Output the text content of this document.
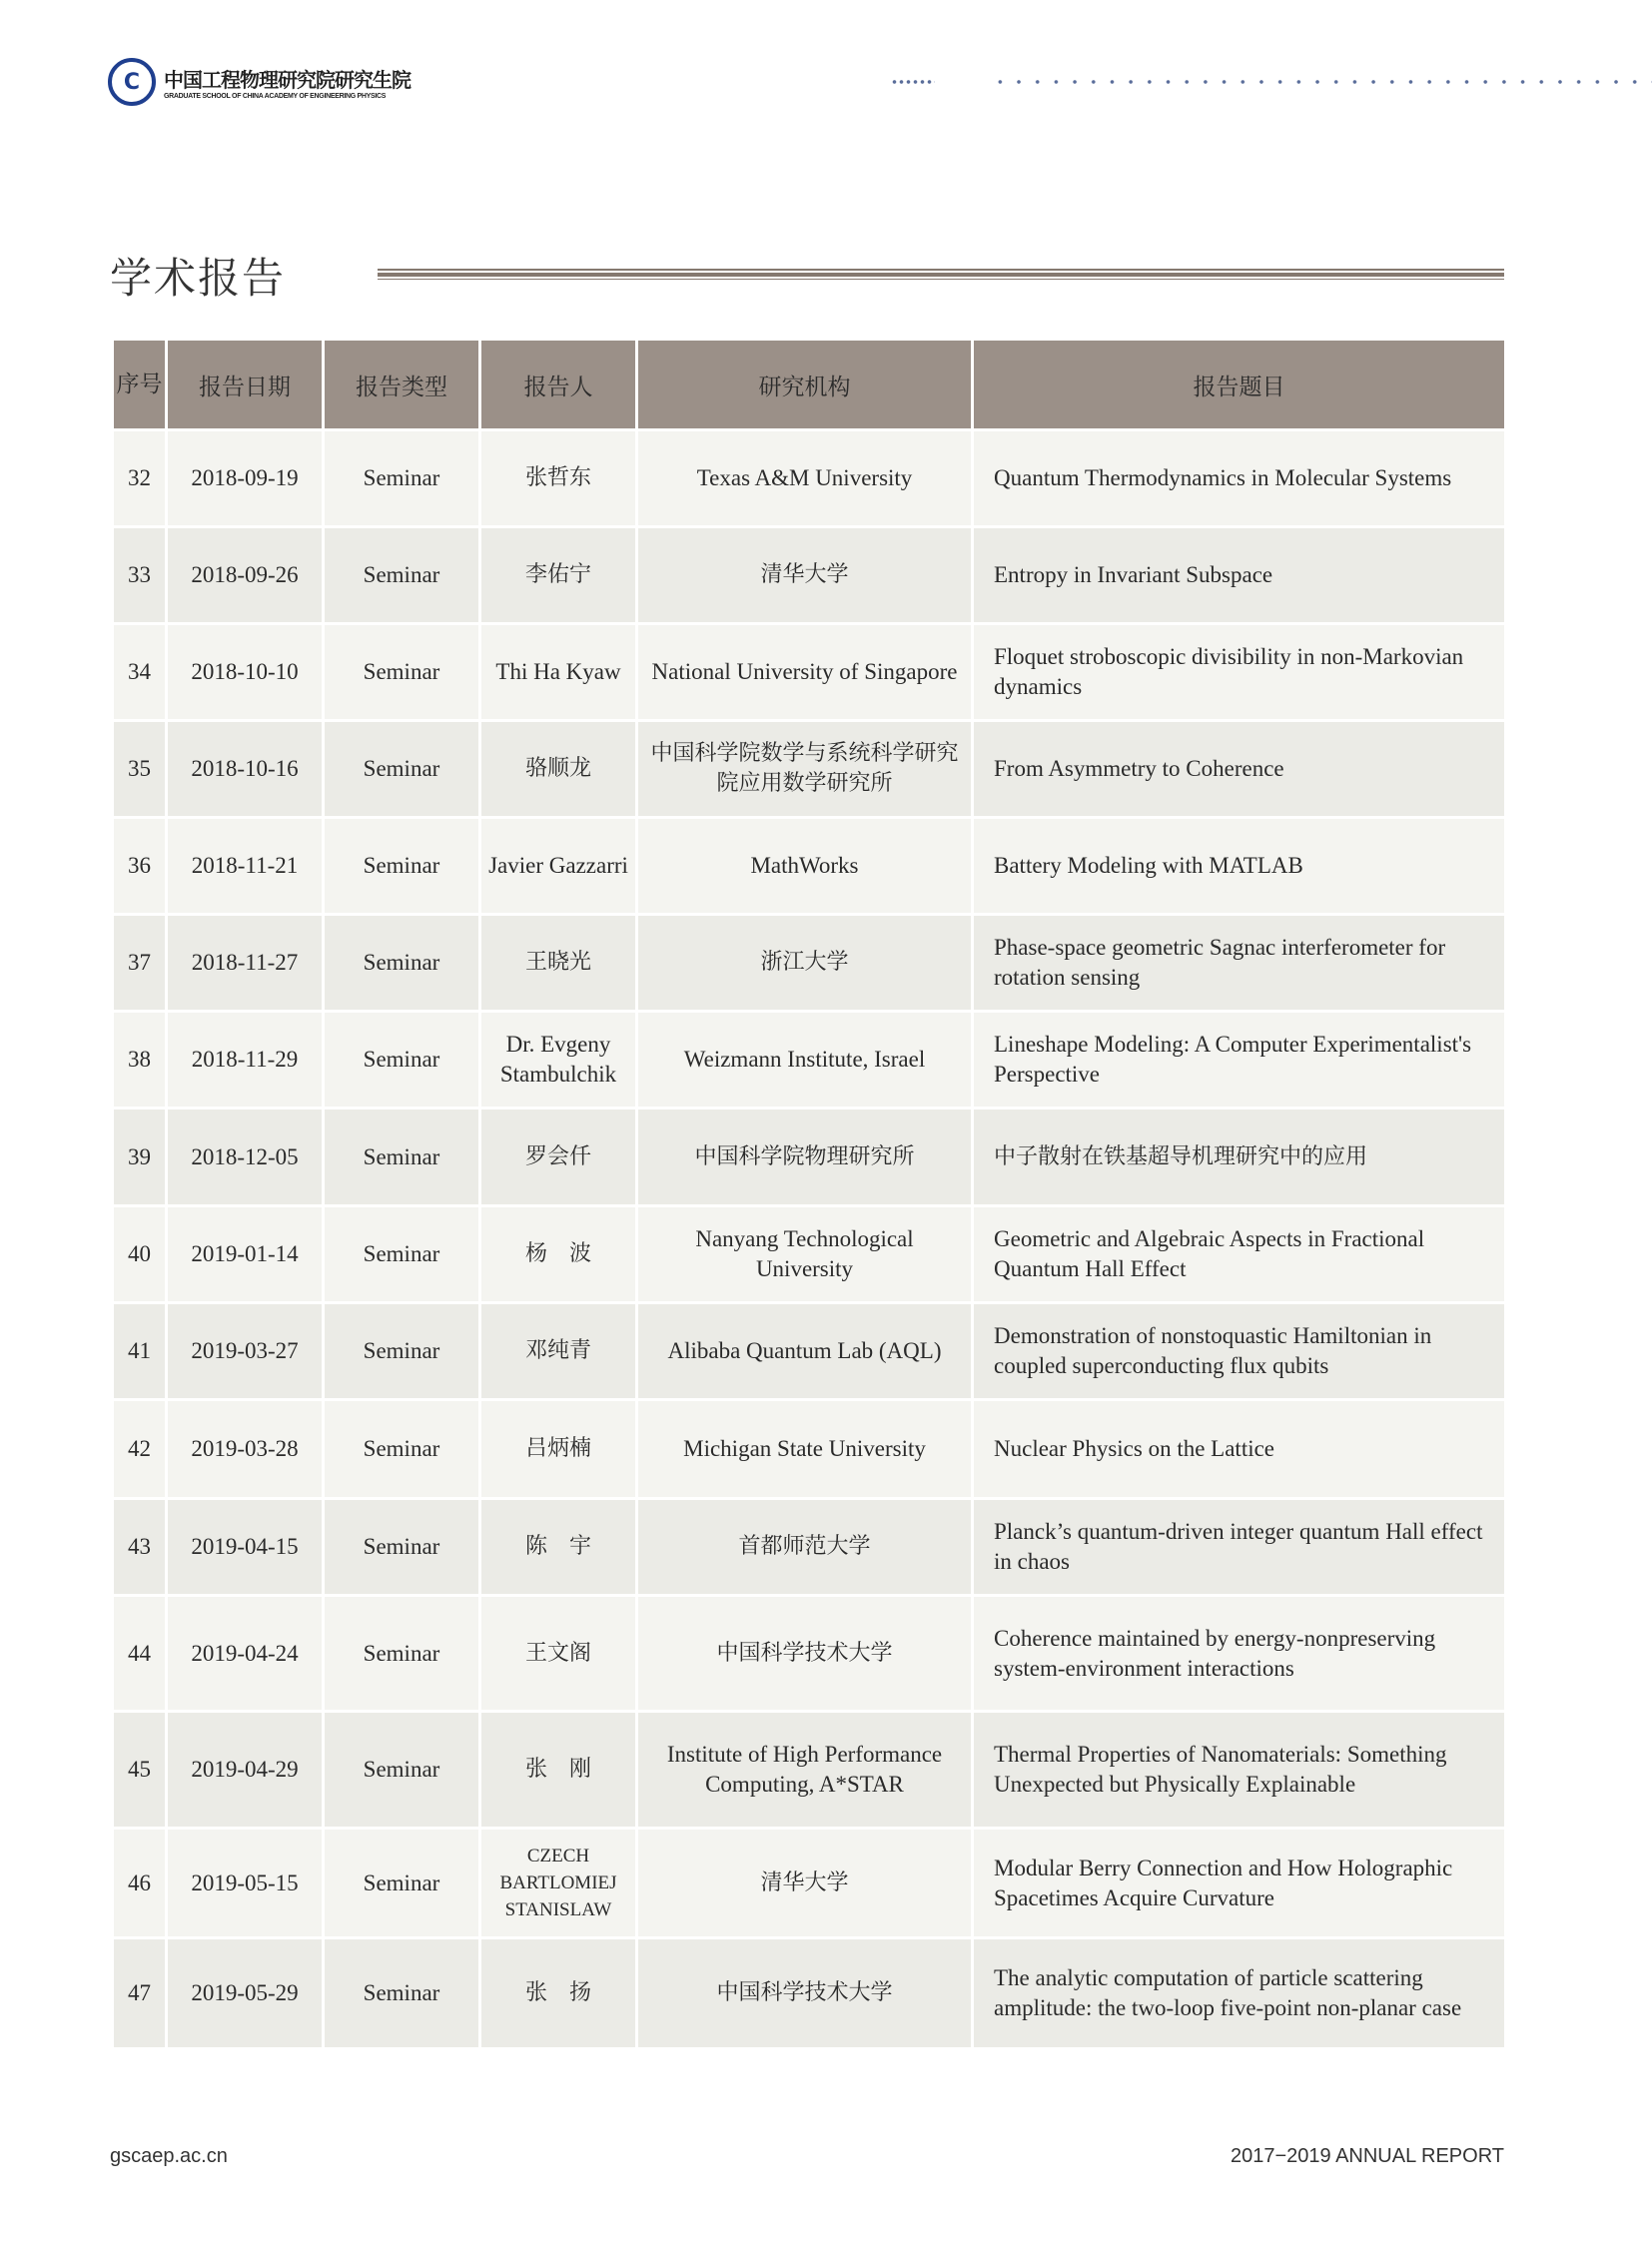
C	中国工程物理研究院研究生院
GRADUATE SCHOOL OF CHINA ACADEMY OF ENGINEERING PHYSICS
学术报告
序号	报告日期	报告类型	报告人	研究机构	报告题目
32	2018-09-19	Seminar	张哲东	Texas A&M University	Quantum Thermodynamics in Molecular Systems
33	2018-09-26	Seminar	李佑宁	清华大学	Entropy in Invariant Subspace
34	2018-10-10	Seminar	Thi Ha Kyaw	National University of Singapore	Floquet stroboscopic divisibility in non-Markovian dynamics
35	2018-10-16	Seminar	骆顺龙	中国科学院数学与系统科学研究院应用数学研究所	From Asymmetry to Coherence
36	2018-11-21	Seminar	Javier Gazzarri	MathWorks	Battery Modeling with MATLAB
37	2018-11-27	Seminar	王晓光	浙江大学	Phase-space geometric Sagnac interferometer for rotation sensing
38	2018-11-29	Seminar	Dr. Evgeny Stambulchik	Weizmann Institute, Israel	Lineshape Modeling: A Computer Experimentalist's Perspective
39	2018-12-05	Seminar	罗会仟	中国科学院物理研究所	中子散射在铁基超导机理研究中的应用
40	2019-01-14	Seminar	杨　波	Nanyang Technological University	Geometric and Algebraic Aspects in Fractional Quantum Hall Effect
41	2019-03-27	Seminar	邓纯青	Alibaba Quantum Lab (AQL)	Demonstration of nonstoquastic Hamiltonian in coupled superconducting flux qubits
42	2019-03-28	Seminar	吕炳楠	Michigan State University	Nuclear Physics on the Lattice
43	2019-04-15	Seminar	陈　宇	首都师范大学	Planck’s quantum-driven integer quantum Hall effect in chaos
44	2019-04-24	Seminar	王文阁	中国科学技术大学	Coherence maintained by energy-nonpreserving system-environment interactions
45	2019-04-29	Seminar	张　刚	Institute of High Performance Computing, A*STAR	Thermal Properties of Nanomaterials: Something Unexpected but Physically Explainable
46	2019-05-15	Seminar	CZECH BARTLOMIEJ STANISLAW	清华大学	Modular Berry Connection and How Holographic Spacetimes Acquire Curvature
47	2019-05-29	Seminar	张　扬	中国科学技术大学	The analytic computation of particle scattering amplitude: the two-loop five-point non-planar case
gscaep.ac.cn	2017−2019 ANNUAL REPORT
